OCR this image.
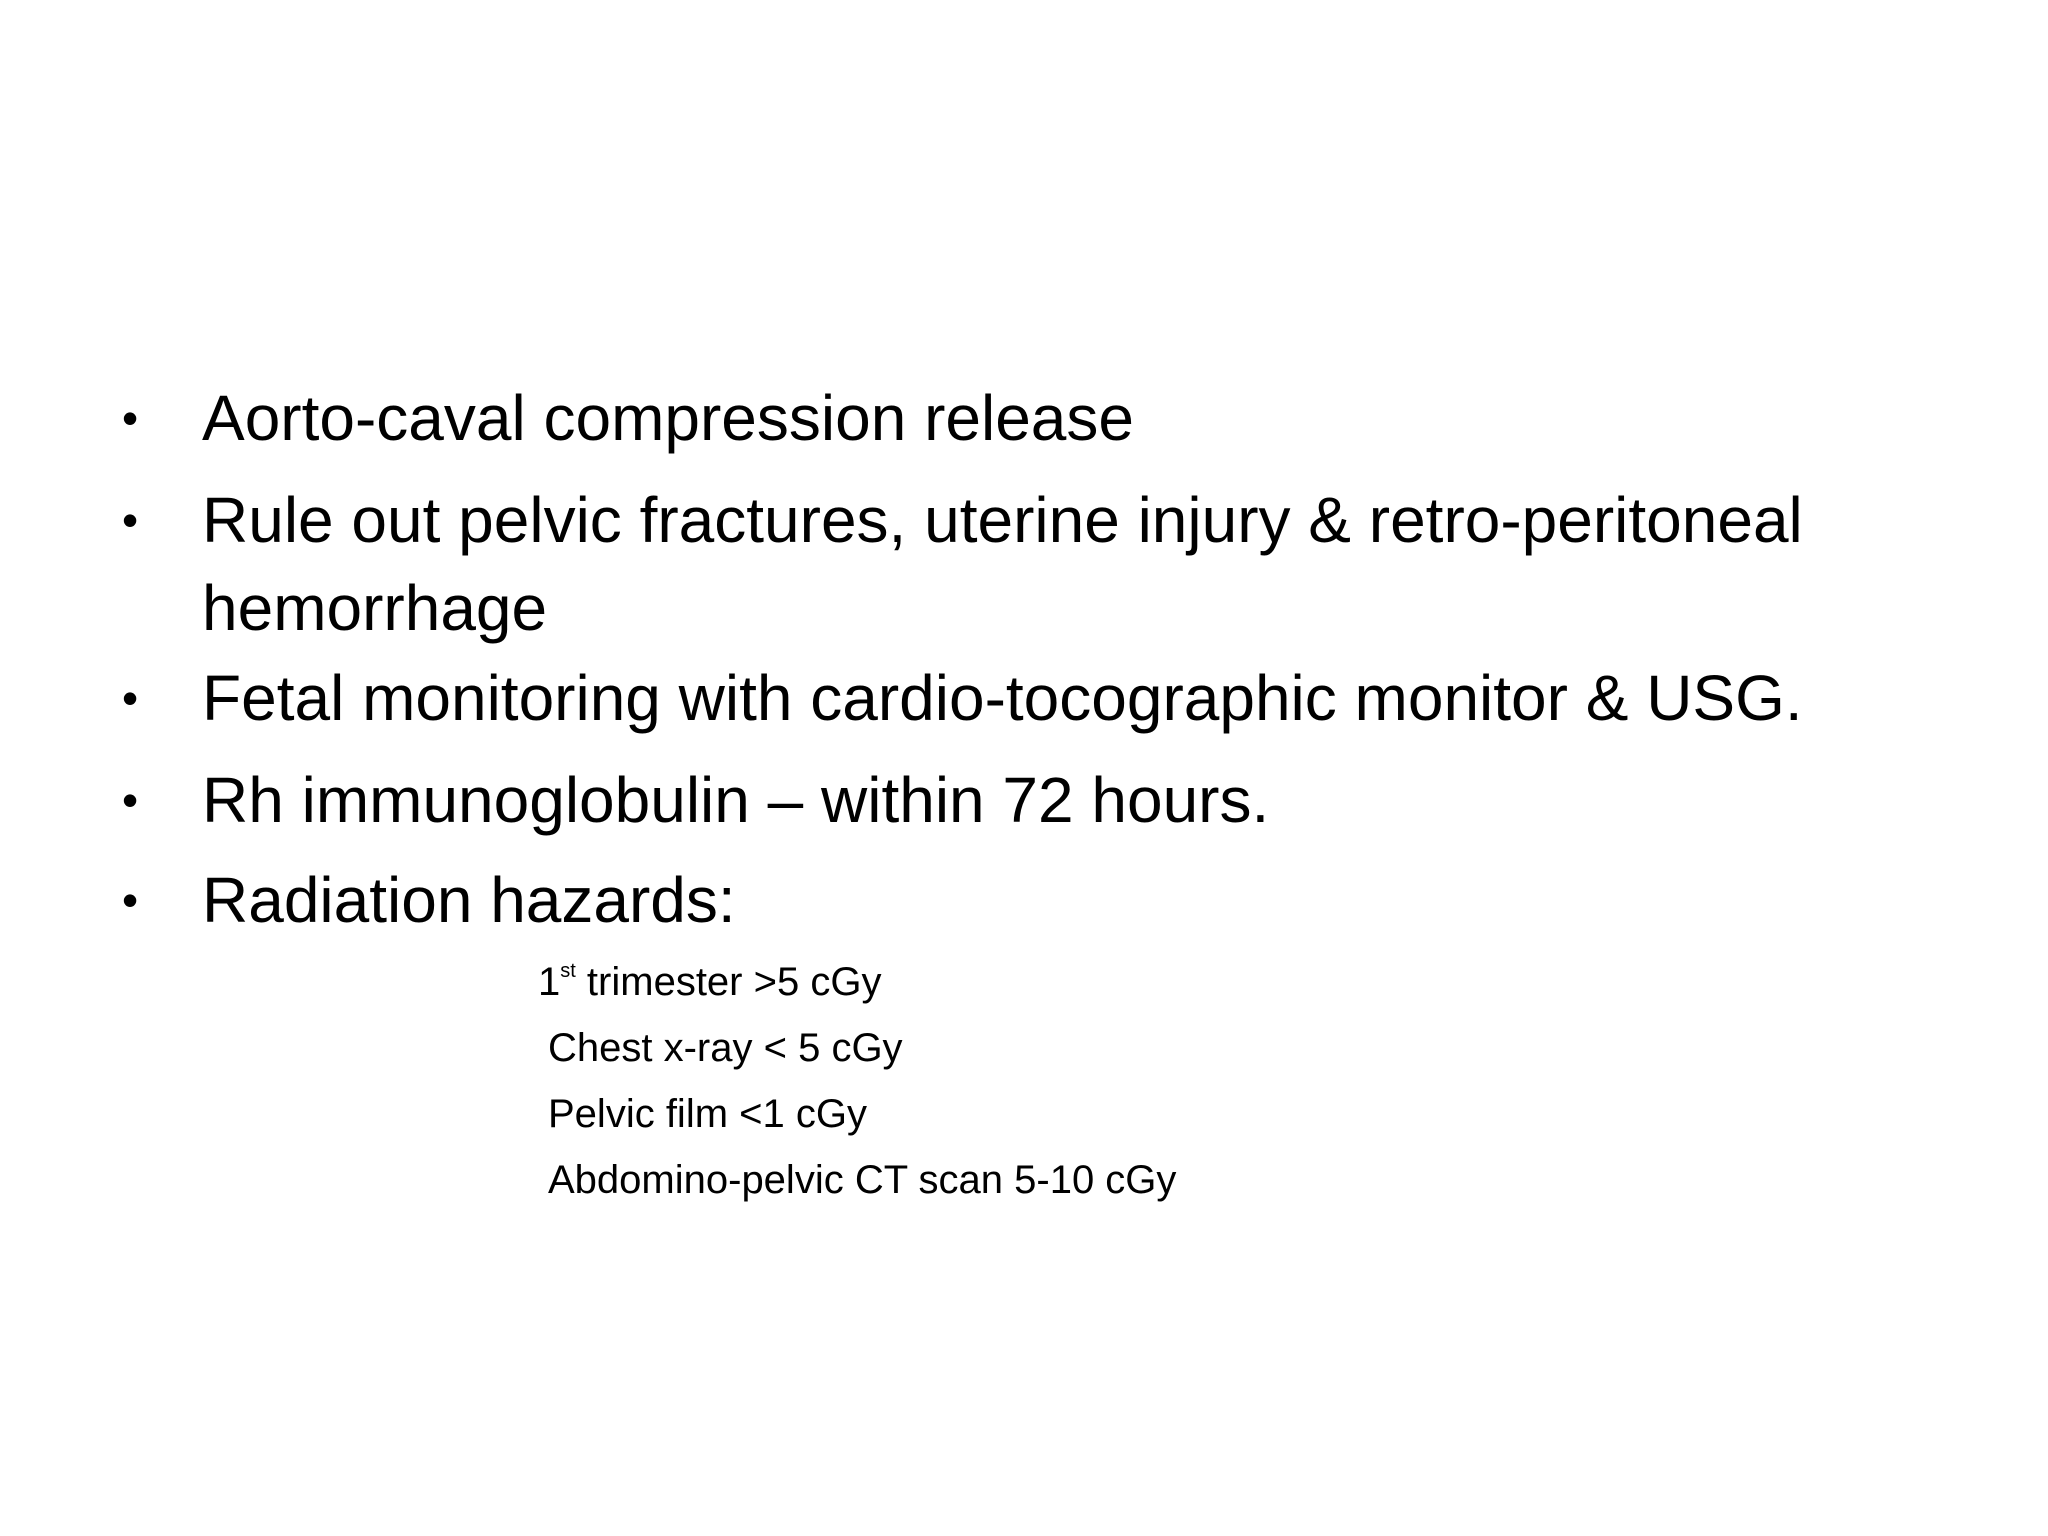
• Aorto-caval compression release
• Rule out pelvic fractures, uterine injury & retro-peritoneal hemorrhage
• Fetal monitoring with cardio-tocographic monitor & USG.
• Rh immunoglobulin – within 72 hours.
• Radiation hazards:
1st trimester >5 cGy
Chest x-ray < 5 cGy
Pelvic film <1 cGy
Abdomino-pelvic CT scan 5-10 cGy
